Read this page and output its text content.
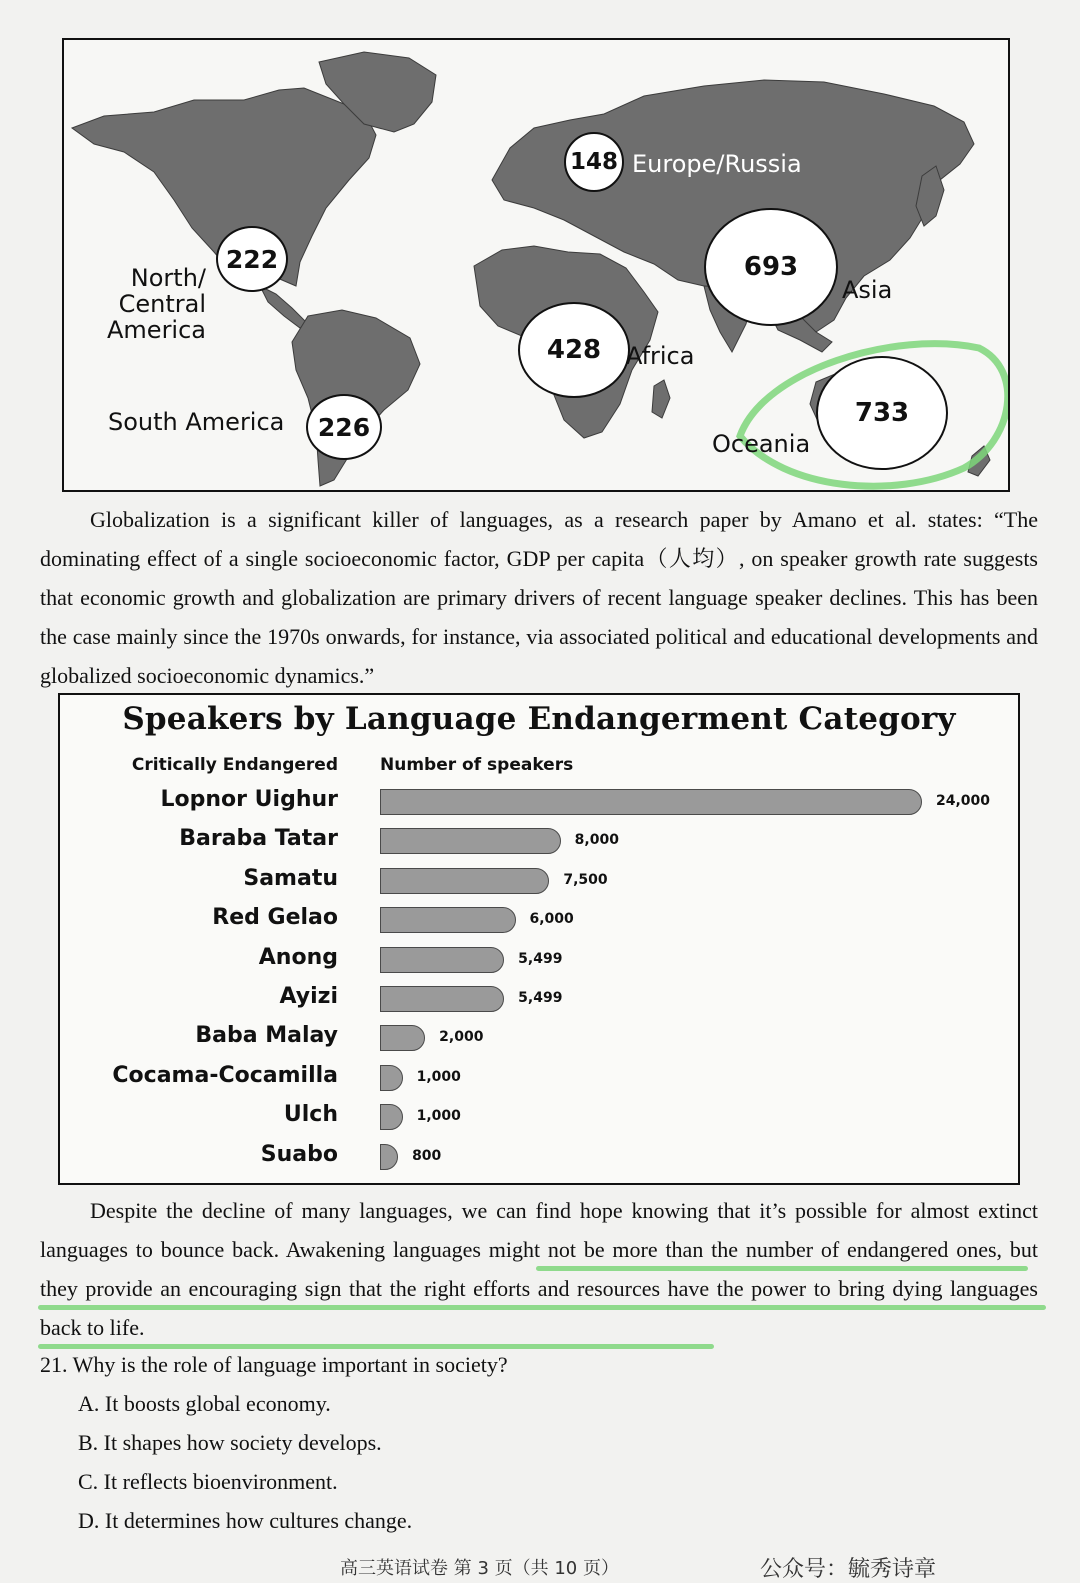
148
222	693
428
226	733
Europe/Russia
North/
Central
America
Asia
Africa
South America
Oceania

Globalization is a significant killer of languages, as a research paper by Amano et al. states: “The dominating effect of a single socioeconomic factor, GDP per capita（人均）, on speaker growth rate suggests that economic growth and globalization are primary drivers of recent language speaker declines. This has been the case mainly since the 1970s onwards, for instance, via associated political and educational developments and globalized socioeconomic dynamics.”

Speakers by Language Endangerment Category
Critically Endangered Number of speakers
Lopnor Uighur	24,000
Baraba Tatar	8,000
Samatu	7,500
Red Gelao	6,000
Anong	5,499
Ayizi	5,499
Baba Malay	2,000
Cocama-Cocamilla	1,000
Ulch	1,000
Suabo	800

Despite the decline of many languages, we can find hope knowing that it’s possible for almost extinct languages to bounce back. Awakening languages might not be more than the number of endangered ones, but they provide an encouraging sign that the right efforts and resources have the power to bring dying languages back to life.

21. Why is the role of language important in society?
A. It boosts global economy.
B. It shapes how society develops.
C. It reflects bioenvironment.
D. It determines how cultures change.
高三英语试卷 第 3 页（共 10 页）	公众号：毓秀诗章
